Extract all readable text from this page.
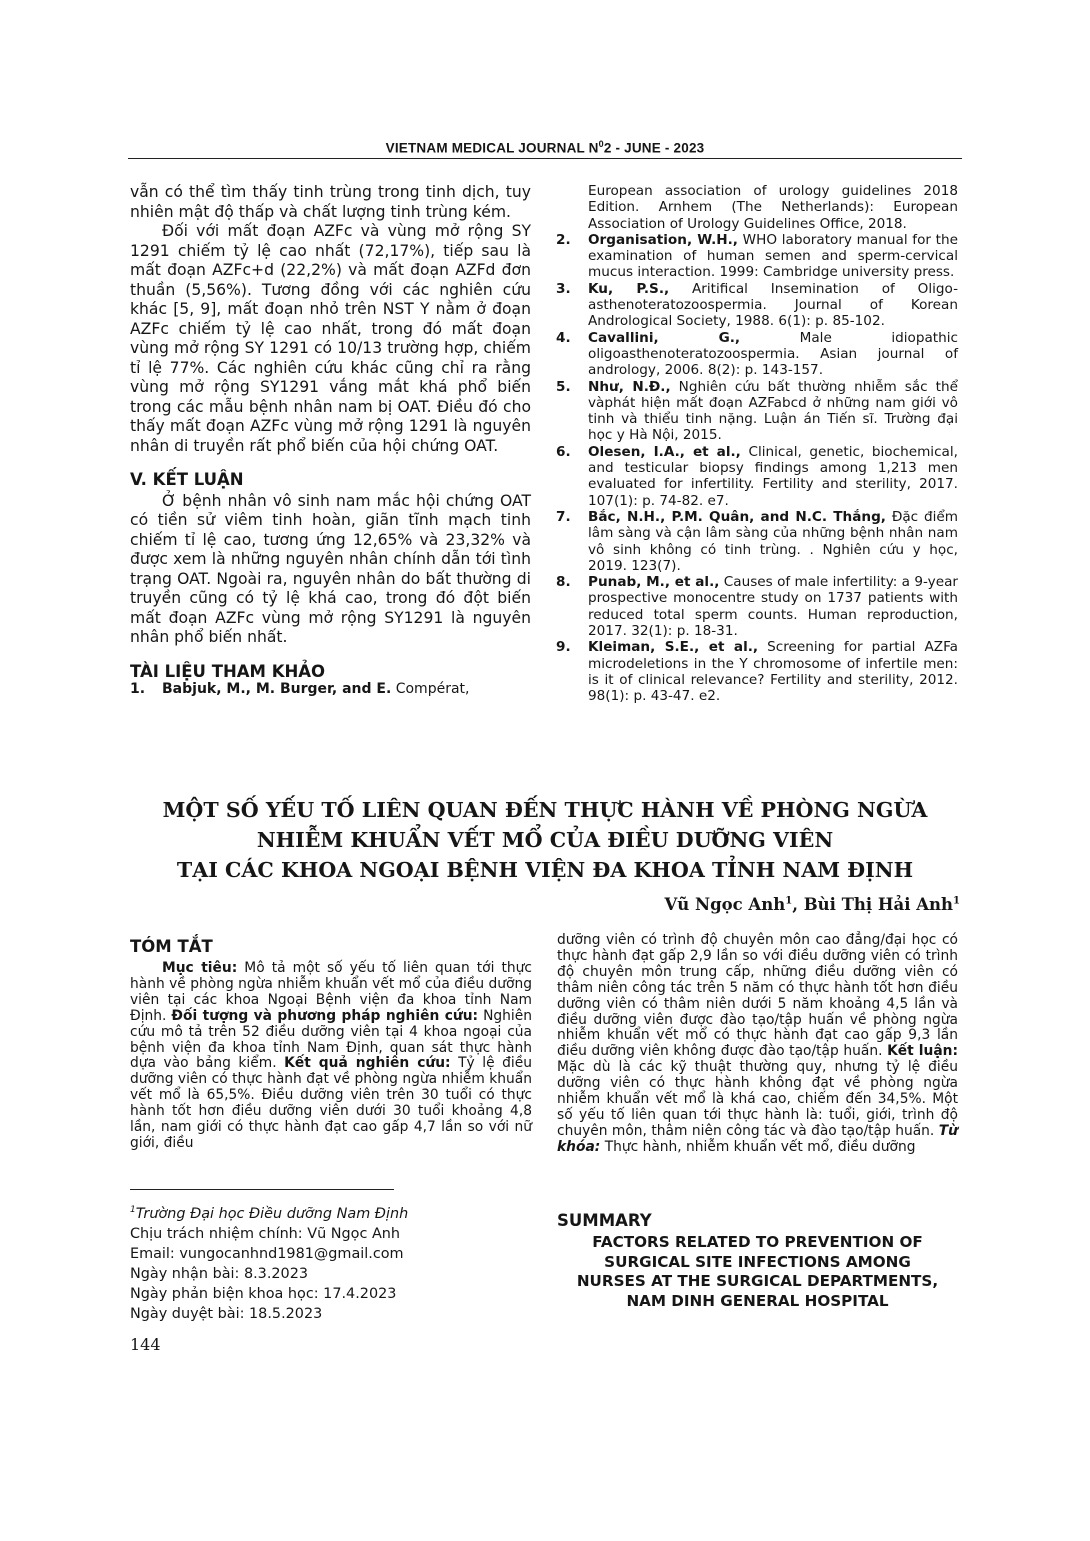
VIETNAM MEDICAL JOURNAL $N^02$ - JUNE - 2023

vẫn có thể tìm thấy tinh trùng trong tinh dịch, tuy nhiên mật độ thấp và chất lượng tinh trùng kém.

Đối với mất đoạn AZFc và vùng mở rộng SY 1291 chiếm tỷ lệ cao nhất (72,17%), tiếp sau là mất đoạn AZFc+d (22,2%) và mất đoạn AZFd đơn thuần (5,56%). Tương đồng với các nghiên cứu khác [5, 9], mất đoạn nhỏ trên NST Y nằm ở đoạn AZFc chiếm tỷ lệ cao nhất, trong đó mất đoạn vùng mở rộng SY 1291 có 10/13 trường hợp, chiếm tỉ lệ 77%. Các nghiên cứu khác cũng chỉ ra rằng vùng mở rộng SY1291 vắng mắt khá phổ biến trong các mẫu bệnh nhân nam bị OAT. Điều đó cho thấy mất đoạn AZFc vùng mở rộng 1291 là nguyên nhân di truyền rất phổ biến của hội chứng OAT.

V. KẾT LUẬN

Ở bệnh nhân vô sinh nam mắc hội chứng OAT có tiền sử viêm tinh hoàn, giãn tĩnh mạch tinh chiếm tỉ lệ cao, tương ứng 12,65% và 23,32% và được xem là những nguyên nhân chính dẫn tới tình trạng OAT. Ngoài ra, nguyên nhân do bất thường di truyền cũng có tỷ lệ khá cao, trong đó đột biến mất đoạn AZFc vùng mở rộng SY1291 là nguyên nhân phổ biến nhất.

TÀI LIỆU THAM KHẢO
1. Babjuk, M., M. Burger, and E. Compérat,
European association of urology guidelines 2018 Edition. Arnhem (The Netherlands): European Association of Urology Guidelines Office, 2018.
2. Organisation, W.H., WHO laboratory manual for the examination of human semen and sperm-cervical mucus interaction. 1999: Cambridge university press.
3. Ku, P.S., Aritifical Insemination of Oligo-asthenoteratozoospermia. Journal of Korean Andrological Society, 1988. 6(1): p. 85-102.
4. Cavallini, G., Male idiopathic oligoasthenoteratozoospermia. Asian journal of andrology, 2006. 8(2): p. 143-157.
5. Như, N.Đ., Nghiên cứu bất thường nhiễm sắc thể vàphát hiện mất đoạn AZFabcd ở những nam giới vô tinh và thiểu tinh nặng. Luận án Tiến sĩ. Trường đại học y Hà Nội, 2015.
6. Olesen, I.A., et al., Clinical, genetic, biochemical, and testicular biopsy findings among 1,213 men evaluated for infertility. Fertility and sterility, 2017. 107(1): p. 74-82. e7.
7. Bắc, N.H., P.M. Quân, and N.C. Thắng, Đặc điểm lâm sàng và cận lâm sàng của những bệnh nhân nam vô sinh không có tinh trùng. . Nghiên cứu y học, 2019. 123(7).
8. Punab, M., et al., Causes of male infertility: a 9-year prospective monocentre study on 1737 patients with reduced total sperm counts. Human reproduction, 2017. 32(1): p. 18-31.
9. Kleiman, S.E., et al., Screening for partial AZFa microdeletions in the Y chromosome of infertile men: is it of clinical relevance? Fertility and sterility, 2012. 98(1): p. 43-47. e2.
MỘT SỐ YẾU TỐ LIÊN QUAN ĐẾN THỰC HÀNH VỀ PHÒNG NGỪA
NHIỄM KHUẨN VẾT MỔ CỦA ĐIỀU DƯỠNG VIÊN
TẠI CÁC KHOA NGOẠI BỆNH VIỆN ĐA KHOA TỈNH NAM ĐỊNH
Vũ Ngọc Anh$^1$, Bùi Thị Hải Anh$^1$
TÓM TẮT
Mục tiêu: Mô tả một số yếu tố liên quan tới thực hành về phòng ngừa nhiễm khuẩn vết mổ của điều dưỡng viên tại các khoa Ngoại Bệnh viện đa khoa tỉnh Nam Định. Đối tượng và phương pháp nghiên cứu: Nghiên cứu mô tả trên 52 điều dưỡng viên tại 4 khoa ngoại của bệnh viện đa khoa tỉnh Nam Định, quan sát thực hành dựa vào bảng kiểm. Kết quả nghiên cứu: Tỷ lệ điều dưỡng viên có thực hành đạt về phòng ngừa nhiễm khuẩn vết mổ là 65,5%. Điều dưỡng viên trên 30 tuổi có thực hành tốt hơn điều dưỡng viên dưới 30 tuổi khoảng 4,8 lần, nam giới có thực hành đạt cao gấp 4,7 lần so với nữ giới, điều
$^1$Trường Đại học Điều dưỡng Nam Định
Chịu trách nhiệm chính: Vũ Ngọc Anh
Email: vungocanhnd1981@gmail.com
Ngày nhận bài: 8.3.2023
Ngày phản biện khoa học: 17.4.2023
Ngày duyệt bài: 18.5.2023
dưỡng viên có trình độ chuyên môn cao đẳng/đại học có thực hành đạt gấp 2,9 lần so với điều dưỡng viên có trình độ chuyên môn trung cấp, những điều dưỡng viên có thâm niên công tác trên 5 năm có thực hành tốt hơn điều dưỡng viên có thâm niên dưới 5 năm khoảng 4,5 lần và điều dưỡng viên được đào tạo/tập huấn về phòng ngừa nhiễm khuẩn vết mổ có thực hành đạt cao gấp 9,3 lần điều dưỡng viên không được đào tạo/tập huấn. Kết luận: Mặc dù là các kỹ thuật thường quy, nhưng tỷ lệ điều dưỡng viên có thực hành không đạt về phòng ngừa nhiễm khuẩn vết mổ là khá cao, chiếm đến 34,5%. Một số yếu tố liên quan tới thực hành là: tuổi, giới, trình độ chuyên môn, thâm niên công tác và đào tạo/tập huấn. Từ khóa: Thực hành, nhiễm khuẩn vết mổ, điều dưỡng
SUMMARY
FACTORS RELATED TO PREVENTION OF
SURGICAL SITE INFECTIONS AMONG
NURSES AT THE SURGICAL DEPARTMENTS,
NAM DINH GENERAL HOSPITAL
144
